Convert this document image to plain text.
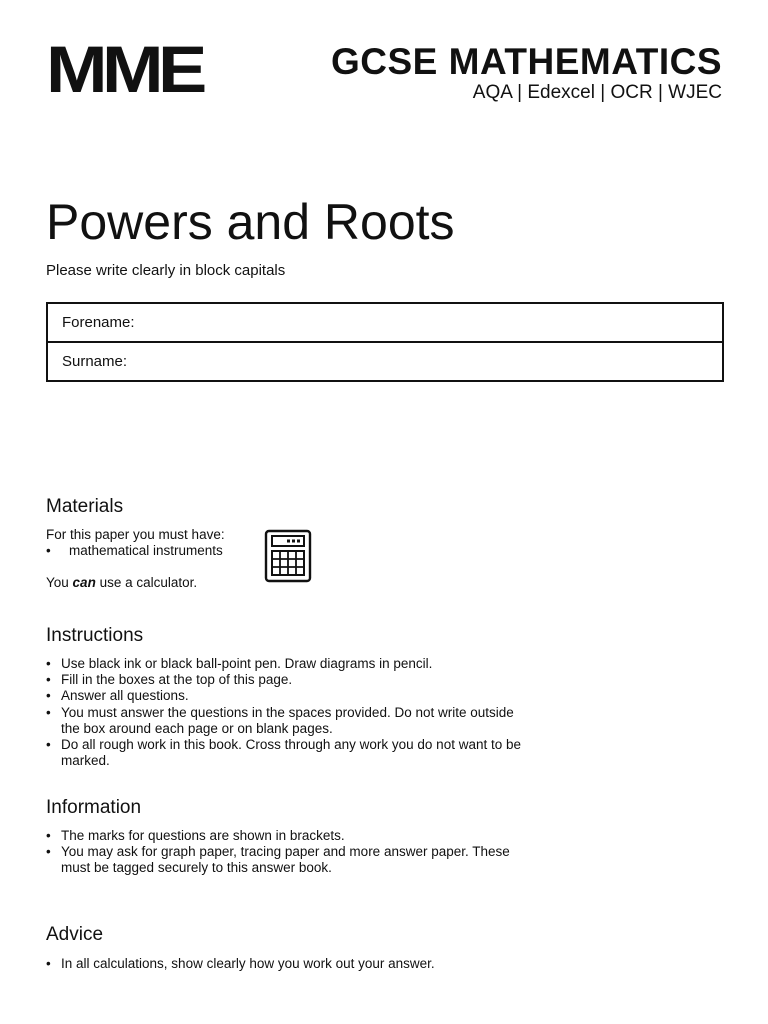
MME	GCSE MATHEMATICS
AQA | Edexcel | OCR | WJEC
Powers and Roots
Please write clearly in block capitals
Forename:
Surname:
Materials
For this paper you must have:
• mathematical instruments
You can use a calculator.
Instructions
• Use black ink or black ball-point pen. Draw diagrams in pencil.
• Fill in the boxes at the top of this page.
• Answer all questions.
• You must answer the questions in the spaces provided. Do not write outside the box around each page or on blank pages.
• Do all rough work in this book. Cross through any work you do not want to be marked.
Information
• The marks for questions are shown in brackets.
• You may ask for graph paper, tracing paper and more answer paper. These must be tagged securely to this answer book.
Advice
• In all calculations, show clearly how you work out your answer.
